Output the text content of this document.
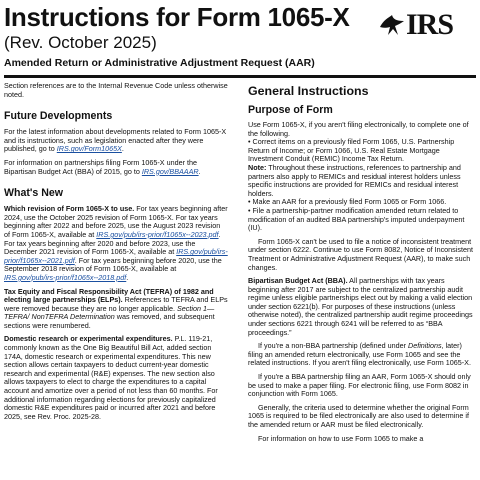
Instructions for Form 1065-X
(Rev. October 2025)
Amended Return or Administrative Adjustment Request (AAR)
IRS

Section references are to the Internal Revenue Code unless otherwise noted.

Future Developments

For the latest information about developments related to Form 1065-X and its instructions, such as legislation enacted after they were published, go to IRS.gov/Form1065X.

For information on partnerships filing Form 1065-X under the Bipartisan Budget Act (BBA) of 2015, go to IRS.gov/BBAAAR.

What's New

Which revision of Form 1065-X to use. For tax years beginning after 2024, use the October 2025 revision of Form 1065-X. For tax years beginning after 2022 and before 2025, use the August 2023 revision of Form 1065-X, available at IRS.gov/pub/irs-prior/f1065x--2023.pdf. For tax years beginning after 2020 and before 2023, use the December 2021 revision of Form 1065-X, available at IRS.gov/pub/irs-prior/f1065x--2021.pdf. For tax years beginning before 2020, use the September 2018 revision of Form 1065-X, available at IRS.gov/pub/irs-prior/f1065x--2018.pdf.

Tax Equity and Fiscal Responsibility Act (TEFRA) of 1982 and electing large partnerships (ELPs). References to TEFRA and ELPs were removed because they are no longer applicable. Section 1—TEFRA/ NonTEFRA Determination was removed, and subsequent sections were renumbered.

Domestic research or experimental expenditures. P.L. 119-21, commonly known as the One Big Beautiful Bill Act, added section 174A, domestic research or experimental expenditures. This new section allows certain taxpayers to deduct current-year domestic research and experimental (R&E) expenses. The new section also allows taxpayers to elect to charge the expenditures to a capital account and amortize over a period of not less than 60 months. For additional information regarding elections for previously capitalized domestic R&E expenditures paid or incurred after 2021 and before 2025, see Rev. Proc. 2025-28.

General Instructions
Purpose of Form

Use Form 1065-X, if you aren't filing electronically, to complete one of the following.

• Correct items on a previously filed Form 1065, U.S. Partnership Return of Income; or Form 1066, U.S. Real Estate Mortgage Investment Conduit (REMIC) Income Tax Return.

Note: Throughout these instructions, references to partnership and partners also apply to REMICs and residual interest holders unless specific instructions are provided for REMICs and residual interest holders.

• Make an AAR for a previously filed Form 1065 or Form 1066.

• File a partnership-partner modification amended return related to modification of an audited BBA partnership's imputed underpayment (IU).

Form 1065-X can't be used to file a notice of inconsistent treatment under section 6222. Continue to use Form 8082, Notice of Inconsistent Treatment or Administrative Adjustment Request (AAR), to make such changes.

Bipartisan Budget Act (BBA). All partnerships with tax years beginning after 2017 are subject to the centralized partnership audit regime unless eligible partnerships elect out by making a valid election under section 6221(b). For purposes of these instructions (unless otherwise noted), the centralized partnership audit regime proceedings under sections 6221 through 6241 will be referred to as “BBA proceedings.”

If you're a non-BBA partnership (defined under Definitions, later) filing an amended return electronically, use Form 1065 and see the related instructions. If you aren't filing electronically, use Form 1065-X.

If you're a BBA partnership filing an AAR, Form 1065-X should only be used to make a paper filing. For electronic filing, use Form 8082 in conjunction with Form 1065.

Generally, the criteria used to determine whether the original Form 1065 is required to be filed electronically are also used to determine if the amended return or AAR must be filed electronically.

For information on how to use Form 1065 to make a
